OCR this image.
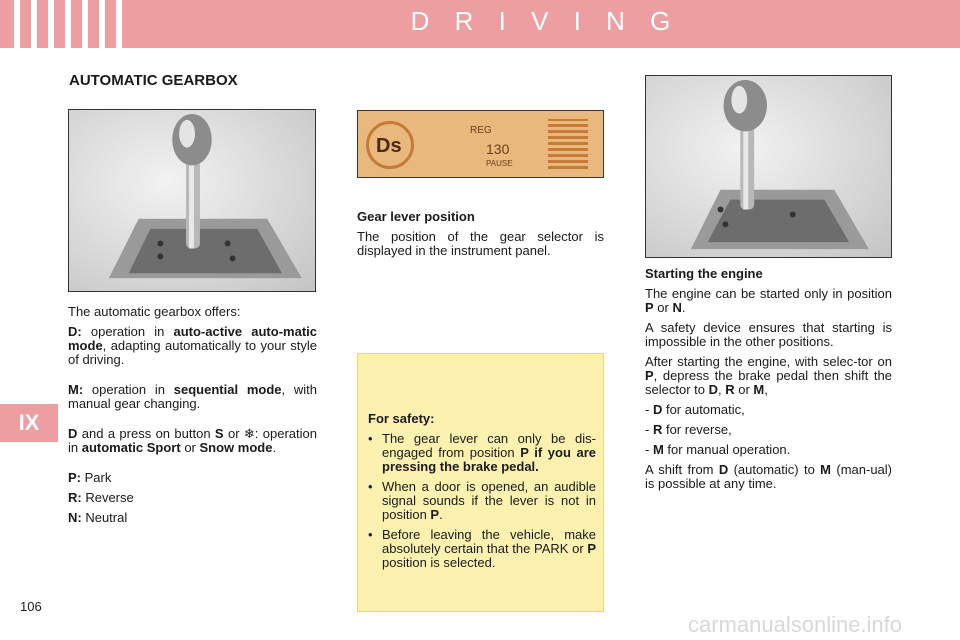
D R I V I N G
IX
AUTOMATIC GEARBOX
Ds
REG
130
PAUSE

The automatic gearbox offers:

D: operation in auto-active auto-matic mode, adapting automatically to your style of driving.

M: operation in sequential mode, with manual gear changing.

D and a press on button S or ❄: operation in automatic Sport or Snow mode.

P: Park

R: Reverse

N: Neutral

Gear lever position

The position of the gear selector is displayed in the instrument panel.

For safety:

• The gear lever can only be dis-engaged from position P if you are pressing the brake pedal.
• When a door is opened, an audible signal sounds if the lever is not in position P.
• Before leaving the vehicle, make absolutely certain that the PARK or P position is selected.

Starting the engine

The engine can be started only in position P or N.

A safety device ensures that starting is impossible in the other positions.

After starting the engine, with selec-tor on P, depress the brake pedal then shift the selector to D, R or M,

- D for automatic,

- R for reverse,

- M for manual operation.

A shift from D (automatic) to M (man-ual) is possible at any time.

106
carmanualsonline.info
